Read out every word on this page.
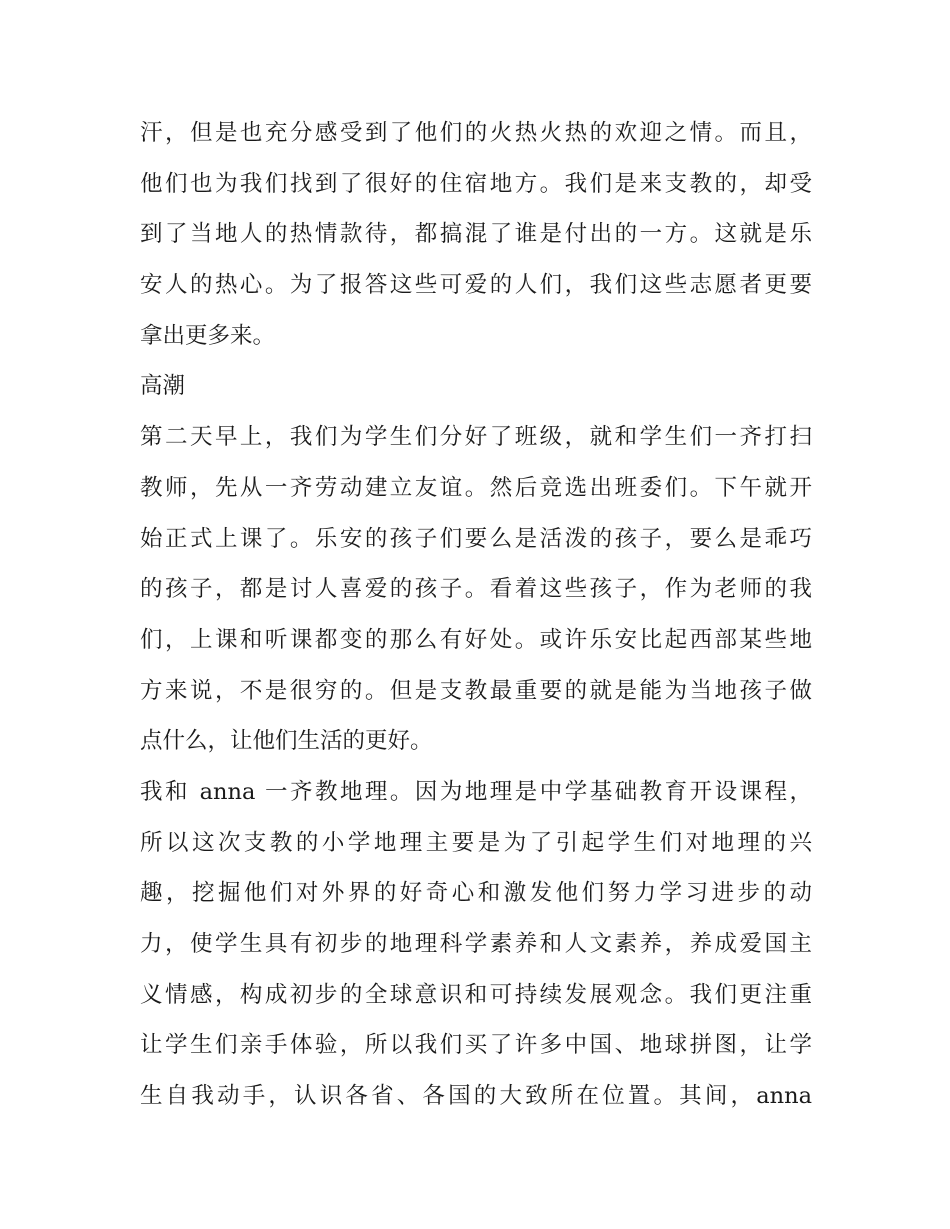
汗，但是也充分感受到了他们的火热火热的欢迎之情。而且，
他们也为我们找到了很好的住宿地方。我们是来支教的，却受
到了当地人的热情款待，都搞混了谁是付出的一方。这就是乐
安人的热心。为了报答这些可爱的人们，我们这些志愿者更要
拿出更多来。
高潮
第二天早上，我们为学生们分好了班级，就和学生们一齐打扫
教师，先从一齐劳动建立友谊。然后竞选出班委们。下午就开
始正式上课了。乐安的孩子们要么是活泼的孩子，要么是乖巧
的孩子，都是讨人喜爱的孩子。看着这些孩子，作为老师的我
们，上课和听课都变的那么有好处。或许乐安比起西部某些地
方来说，不是很穷的。但是支教最重要的就是能为当地孩子做
点什么，让他们生活的更好。
我和 anna 一齐教地理。因为地理是中学基础教育开设课程，
所以这次支教的小学地理主要是为了引起学生们对地理的兴
趣，挖掘他们对外界的好奇心和激发他们努力学习进步的动
力，使学生具有初步的地理科学素养和人文素养，养成爱国主
义情感，构成初步的全球意识和可持续发展观念。我们更注重
让学生们亲手体验，所以我们买了许多中国、地球拼图，让学
生自我动手，认识各省、各国的大致所在位置。其间，anna
